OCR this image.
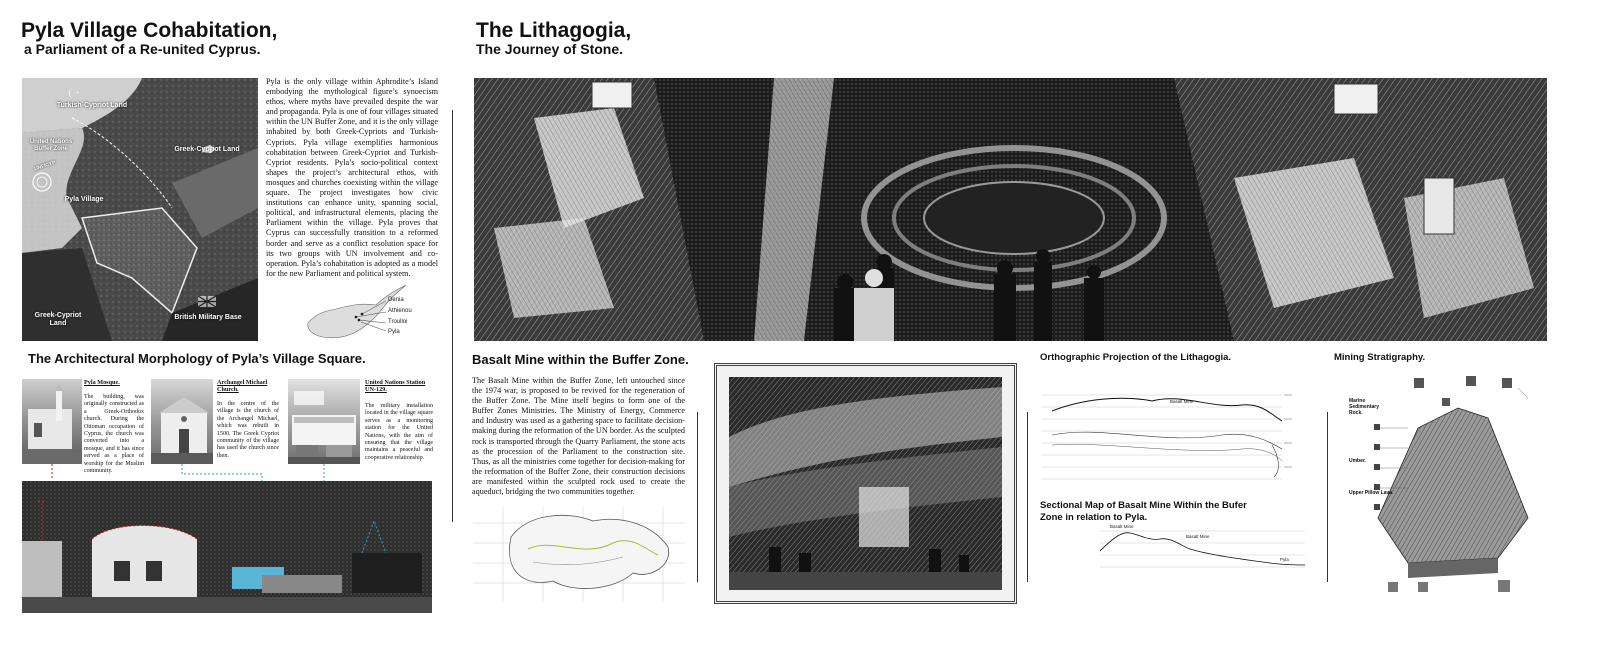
Pyla Village Cohabitation,
a Parliament of a Re-united Cyprus.
Turkish-Cypriot Land
United Nations Buffer Zone	Greek-Cypriot Land
UNFICYP
Pyla Village
Greek-Cypriot Land
British Military Base
Pyla is the only village within Aphrodite’s Island embodying the mythological figure’s synoecism ethos, where myths have prevailed despite the war and propaganda. Pyla is one of four villages situated within the UN Buffer Zone, and it is the only village inhabited by both Greek-Cypriots and Turkish-Cypriots. Pyla village exemplifies harmonious cohabitation between Greek-Cypriot and Turkish-Cypriot residents. Pyla’s socio-political context shapes the project’s architectural ethos, with mosques and churches coexisting within the village square. The project investigates how civic institutions can enhance unity, spanning social, political, and infrastructural elements, placing the Parliament within the village. Pyla proves that Cyprus can successfully transition to a reformed border and serve as a conflict resolution space for its two groups with UN involvement and co-operation. Pyla’s cohabitation is adopted as a model for the new Parliament and political system.
Denia
Athienou
Troulloi
Pyla
The Architectural Morphology of Pyla’s Village Square.
Pyla Mosque.
The building, was originally constructed as a Greek-Orthodox church. During the Ottoman occupation of Cyprus, the church was converted into a mosque, and it has since served as a place of worship for the Muslim community.
Archangel Michael Church.
In the centre of the village is the church of the Archangel Michael, which was rebuilt in 1500. The Greek Cypriot community of the village has used the church since then.
United Nations Station UN-129.
The military installation located in the village square serves as a monitoring station for the United Nations, with the aim of ensuring that the village maintains a peaceful and cooperative relationship.
The Lithagogia,
The Journey of Stone.
Basalt Mine within the Buffer Zone.
The Basalt Mine within the Buffer Zone, left untouched since the 1974 war, is proposed to be revived for the regeneration of the Buffer Zone. The Mine itself begins to form one of the Buffer Zones Ministries. The Ministry of Energy, Commerce and Industry was used as a gathering space to facilitate decision-making during the reformation of the UN border. As the sculpted rock is transported through the Quarry Parliament, the stone acts as the procession of the Parliament to the construction site. Thus, as all the ministries come together for decision-making for the reformation of the Buffer Zone, their construction decisions are manifested within the sculpted rock used to create the aqueduct, bridging the two communities together.
Orthographic Projection of the Lithagogia.
Basalt Mine
Sectional Map of Basalt Mine Within the Bufer Zone in relation to Pyla.
Basalt Mine
Basalt Mine
Pyla
Mining Stratigraphy.
Marine Sedimentary Rock.
Umber.
Upper Pillow Lava.
